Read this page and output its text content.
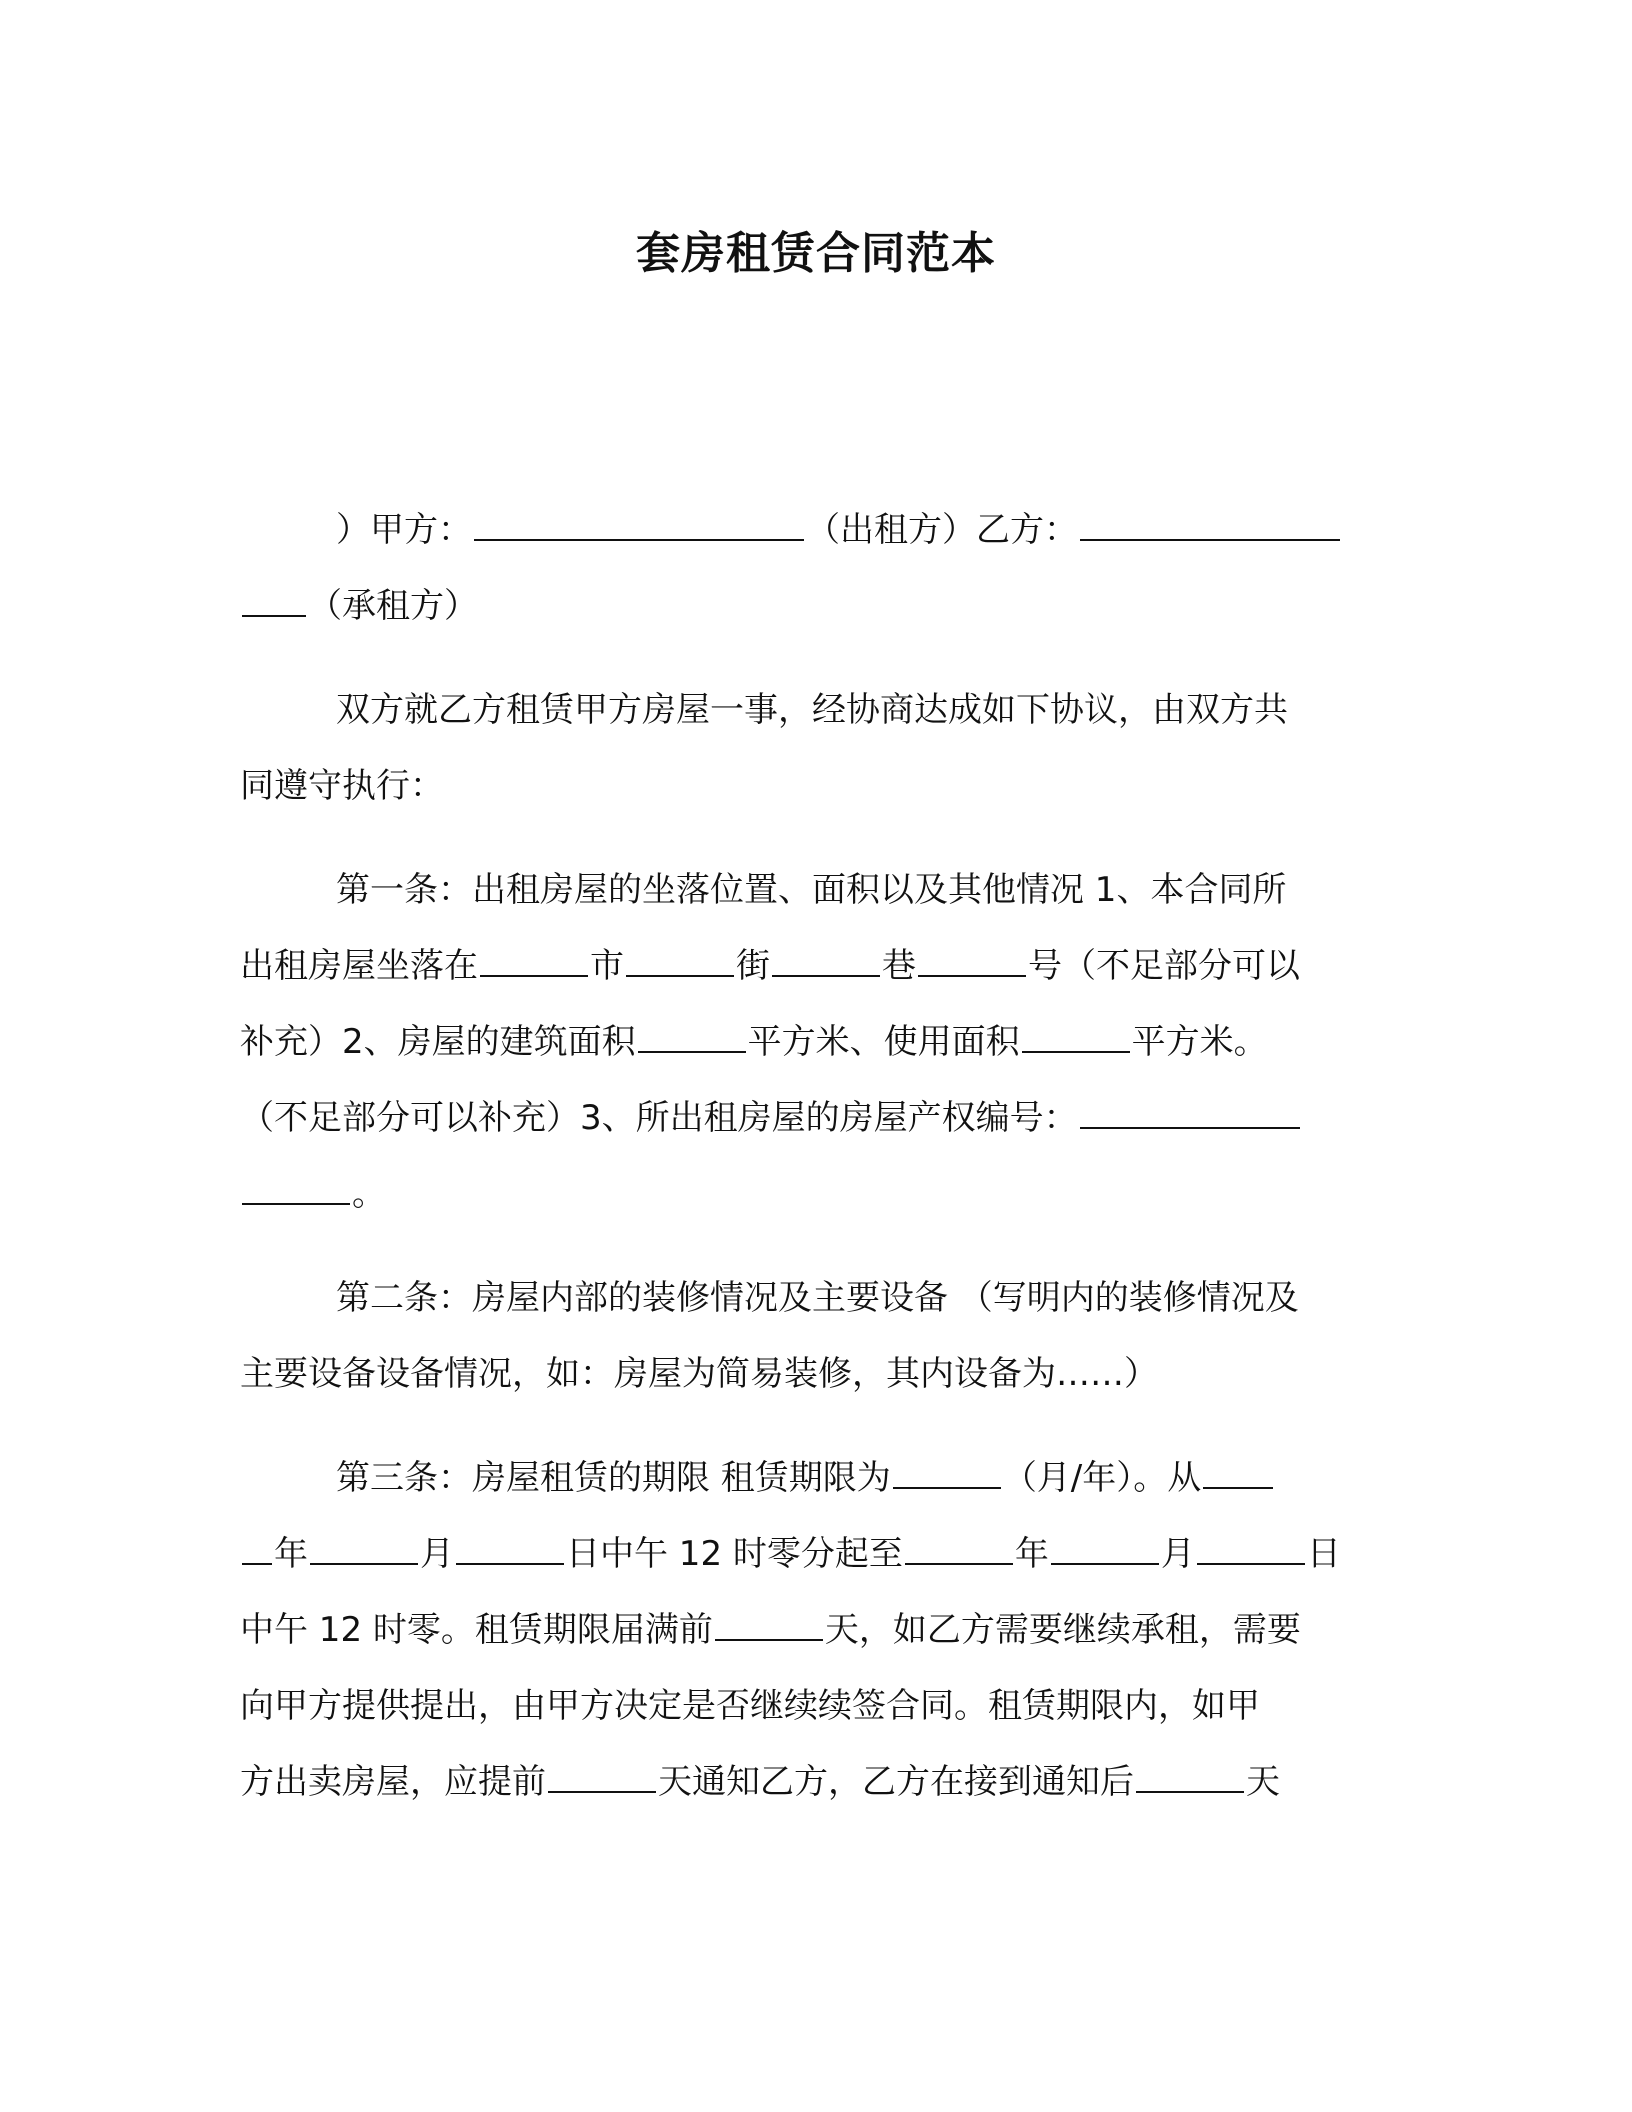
套房租赁合同范本
）甲方：	（出租方）乙方：
（承租方）
双方就乙方租赁甲方房屋一事，经协商达成如下协议，由双方共
同遵守执行：
第一条：出租房屋的坐落位置、面积以及其他情况 1、本合同所
出租房屋坐落在	市	街	巷	号（不足部分可以
补充）2、房屋的建筑面积	平方米、使用面积	平方米。
（不足部分可以补充）3、所出租房屋的房屋产权编号：
。
第二条：房屋内部的装修情况及主要设备 （写明内的装修情况及
主要设备设备情况，如：房屋为简易装修，其内设备为……）
第三条：房屋租赁的期限 租赁期限为	（月/年）。从
年	月	日中午 12 时零分起至	年	月	日
中午 12 时零。租赁期限届满前	天，如乙方需要继续承租，需要
向甲方提供提出，由甲方决定是否继续续签合同。租赁期限内，如甲
方出卖房屋，应提前	天通知乙方，乙方在接到通知后	天
